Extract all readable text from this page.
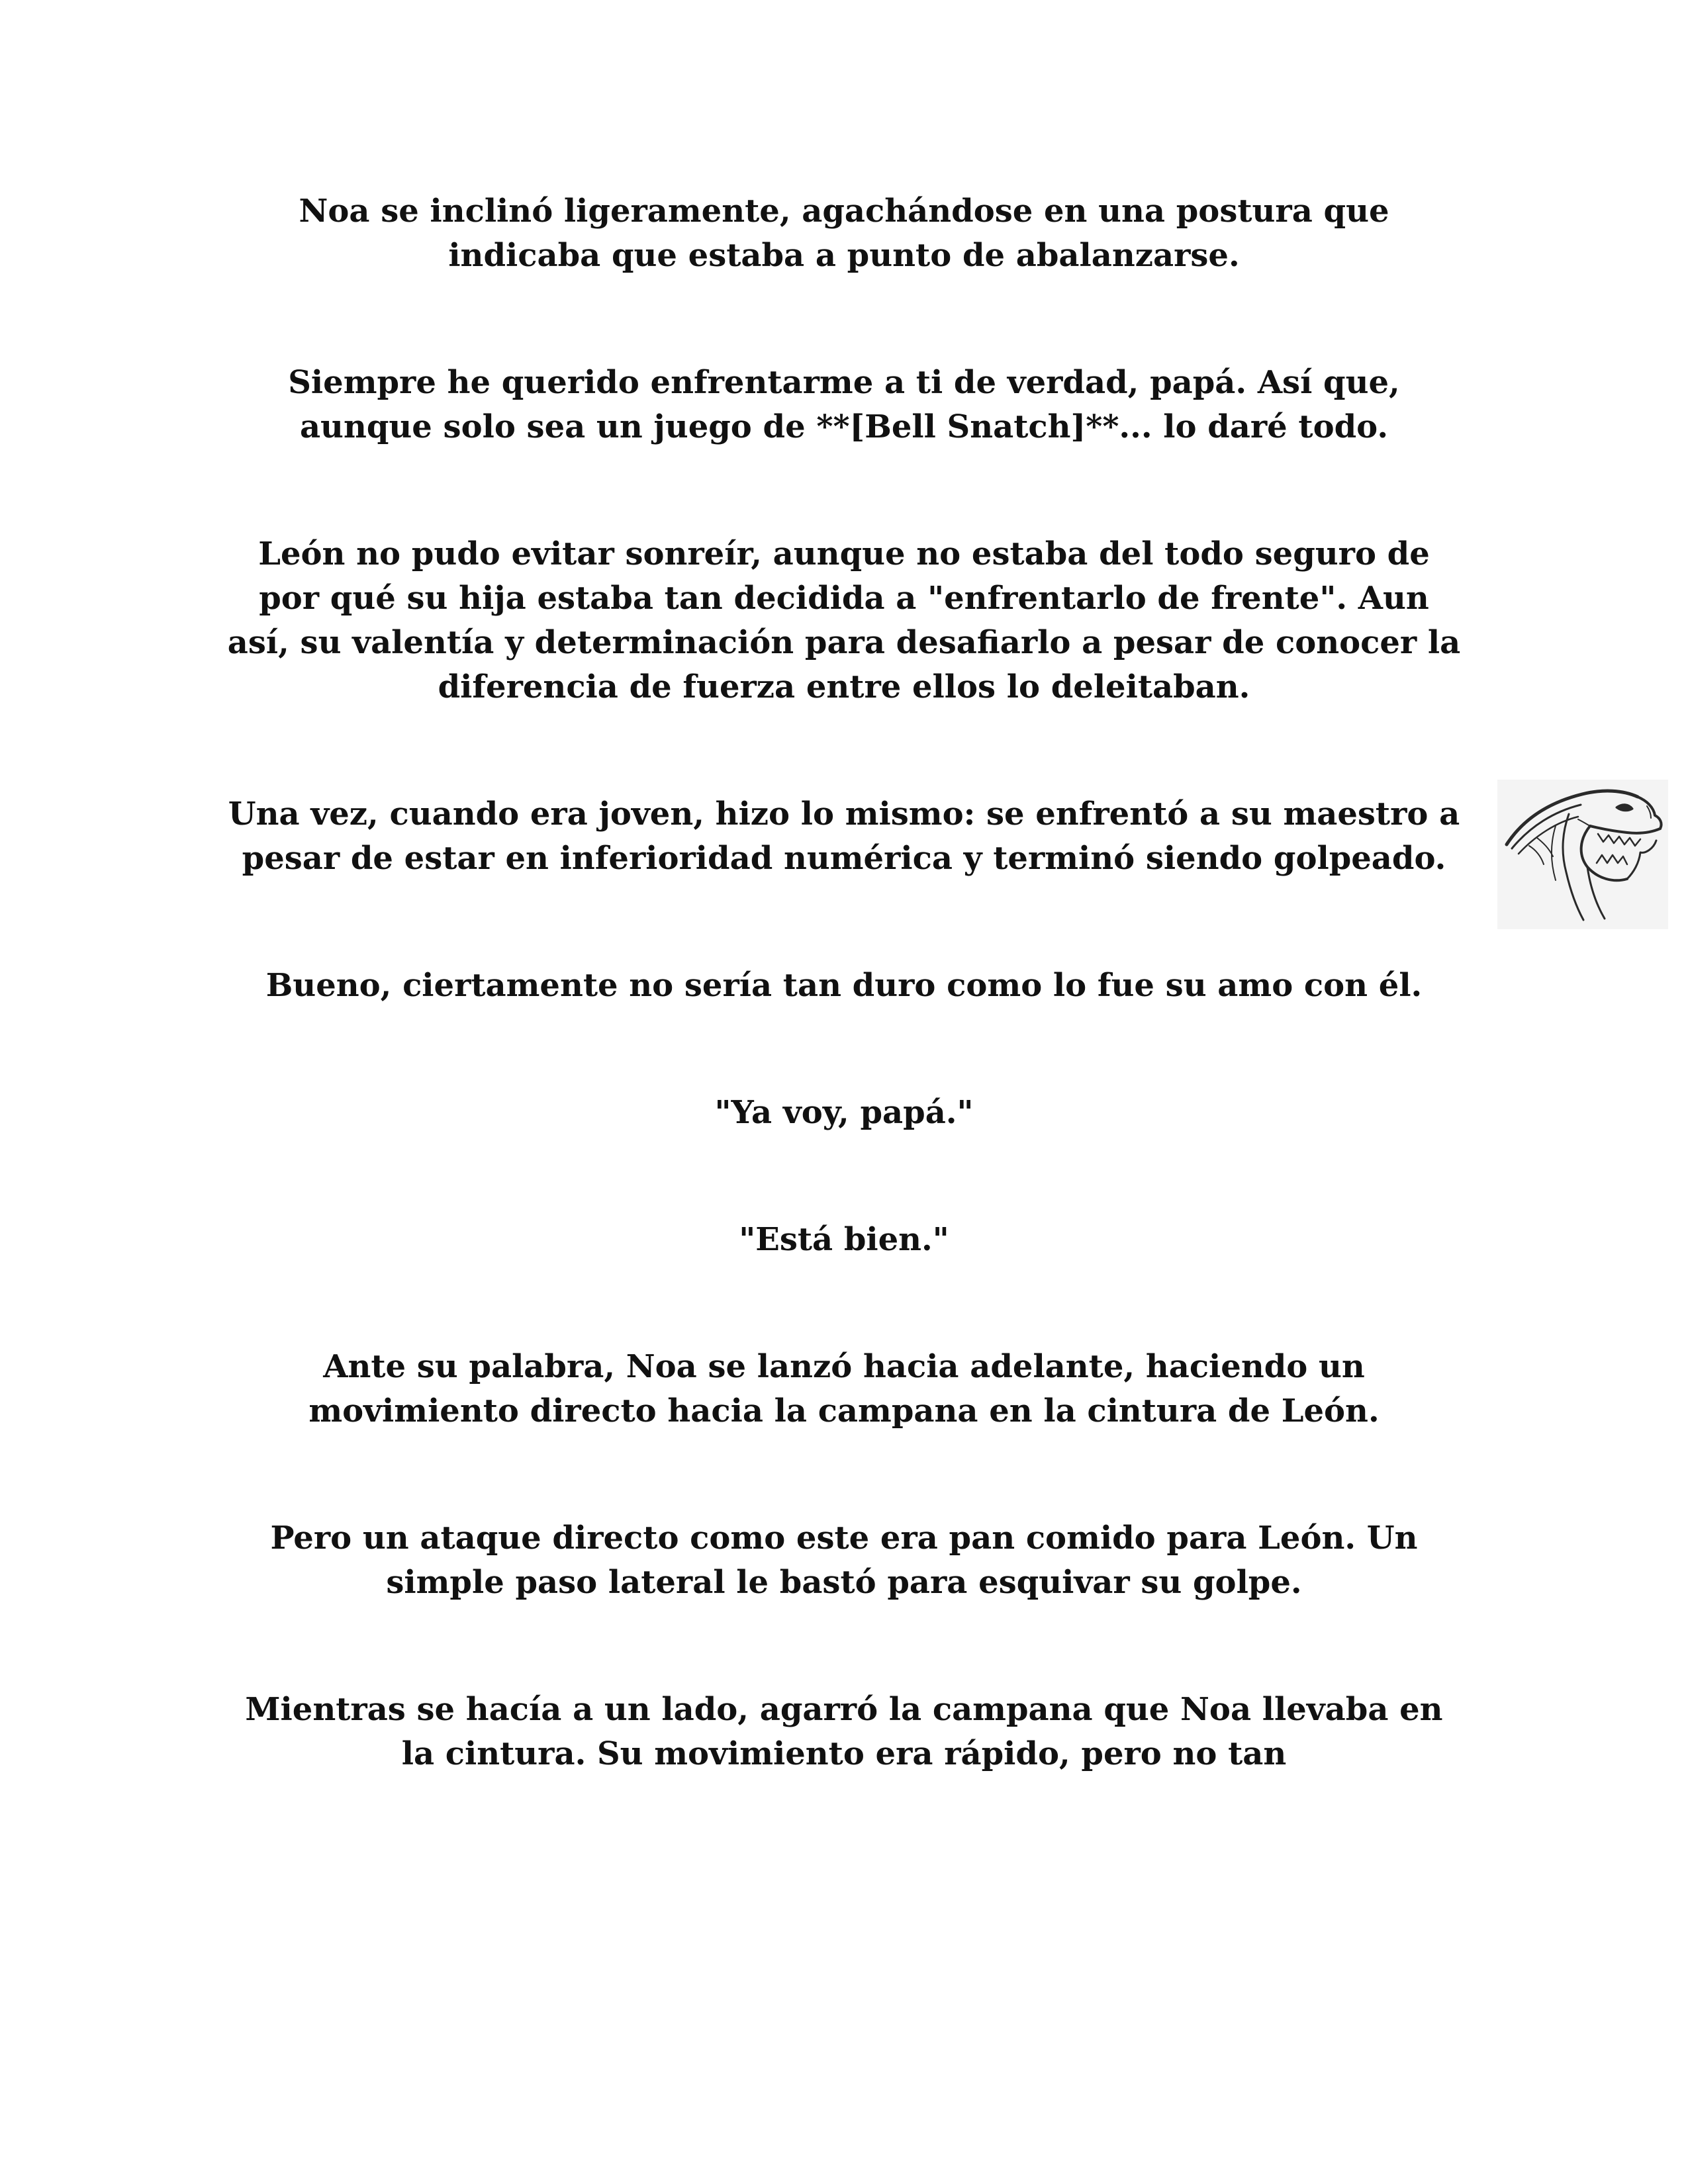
Noa se inclinó ligeramente, agachándose en una postura que indicaba que estaba a punto de abalanzarse.

Siempre he querido enfrentarme a ti de verdad, papá. Así que, aunque solo sea un juego de **[Bell Snatch]**... lo daré todo.

León no pudo evitar sonreír, aunque no estaba del todo seguro de por qué su hija estaba tan decidida a "enfrentarlo de frente". Aun así, su valentía y determinación para desafiarlo a pesar de conocer la diferencia de fuerza entre ellos lo deleitaban.

Una vez, cuando era joven, hizo lo mismo: se enfrentó a su maestro a pesar de estar en inferioridad numérica y terminó siendo golpeado.

Bueno, ciertamente no sería tan duro como lo fue su amo con él.

"Ya voy, papá."

"Está bien."

Ante su palabra, Noa se lanzó hacia adelante, haciendo un movimiento directo hacia la campana en la cintura de León.

Pero un ataque directo como este era pan comido para León. Un simple paso lateral le bastó para esquivar su golpe.

Mientras se hacía a un lado, agarró la campana que Noa llevaba en la cintura. Su movimiento era rápido, pero no tan
